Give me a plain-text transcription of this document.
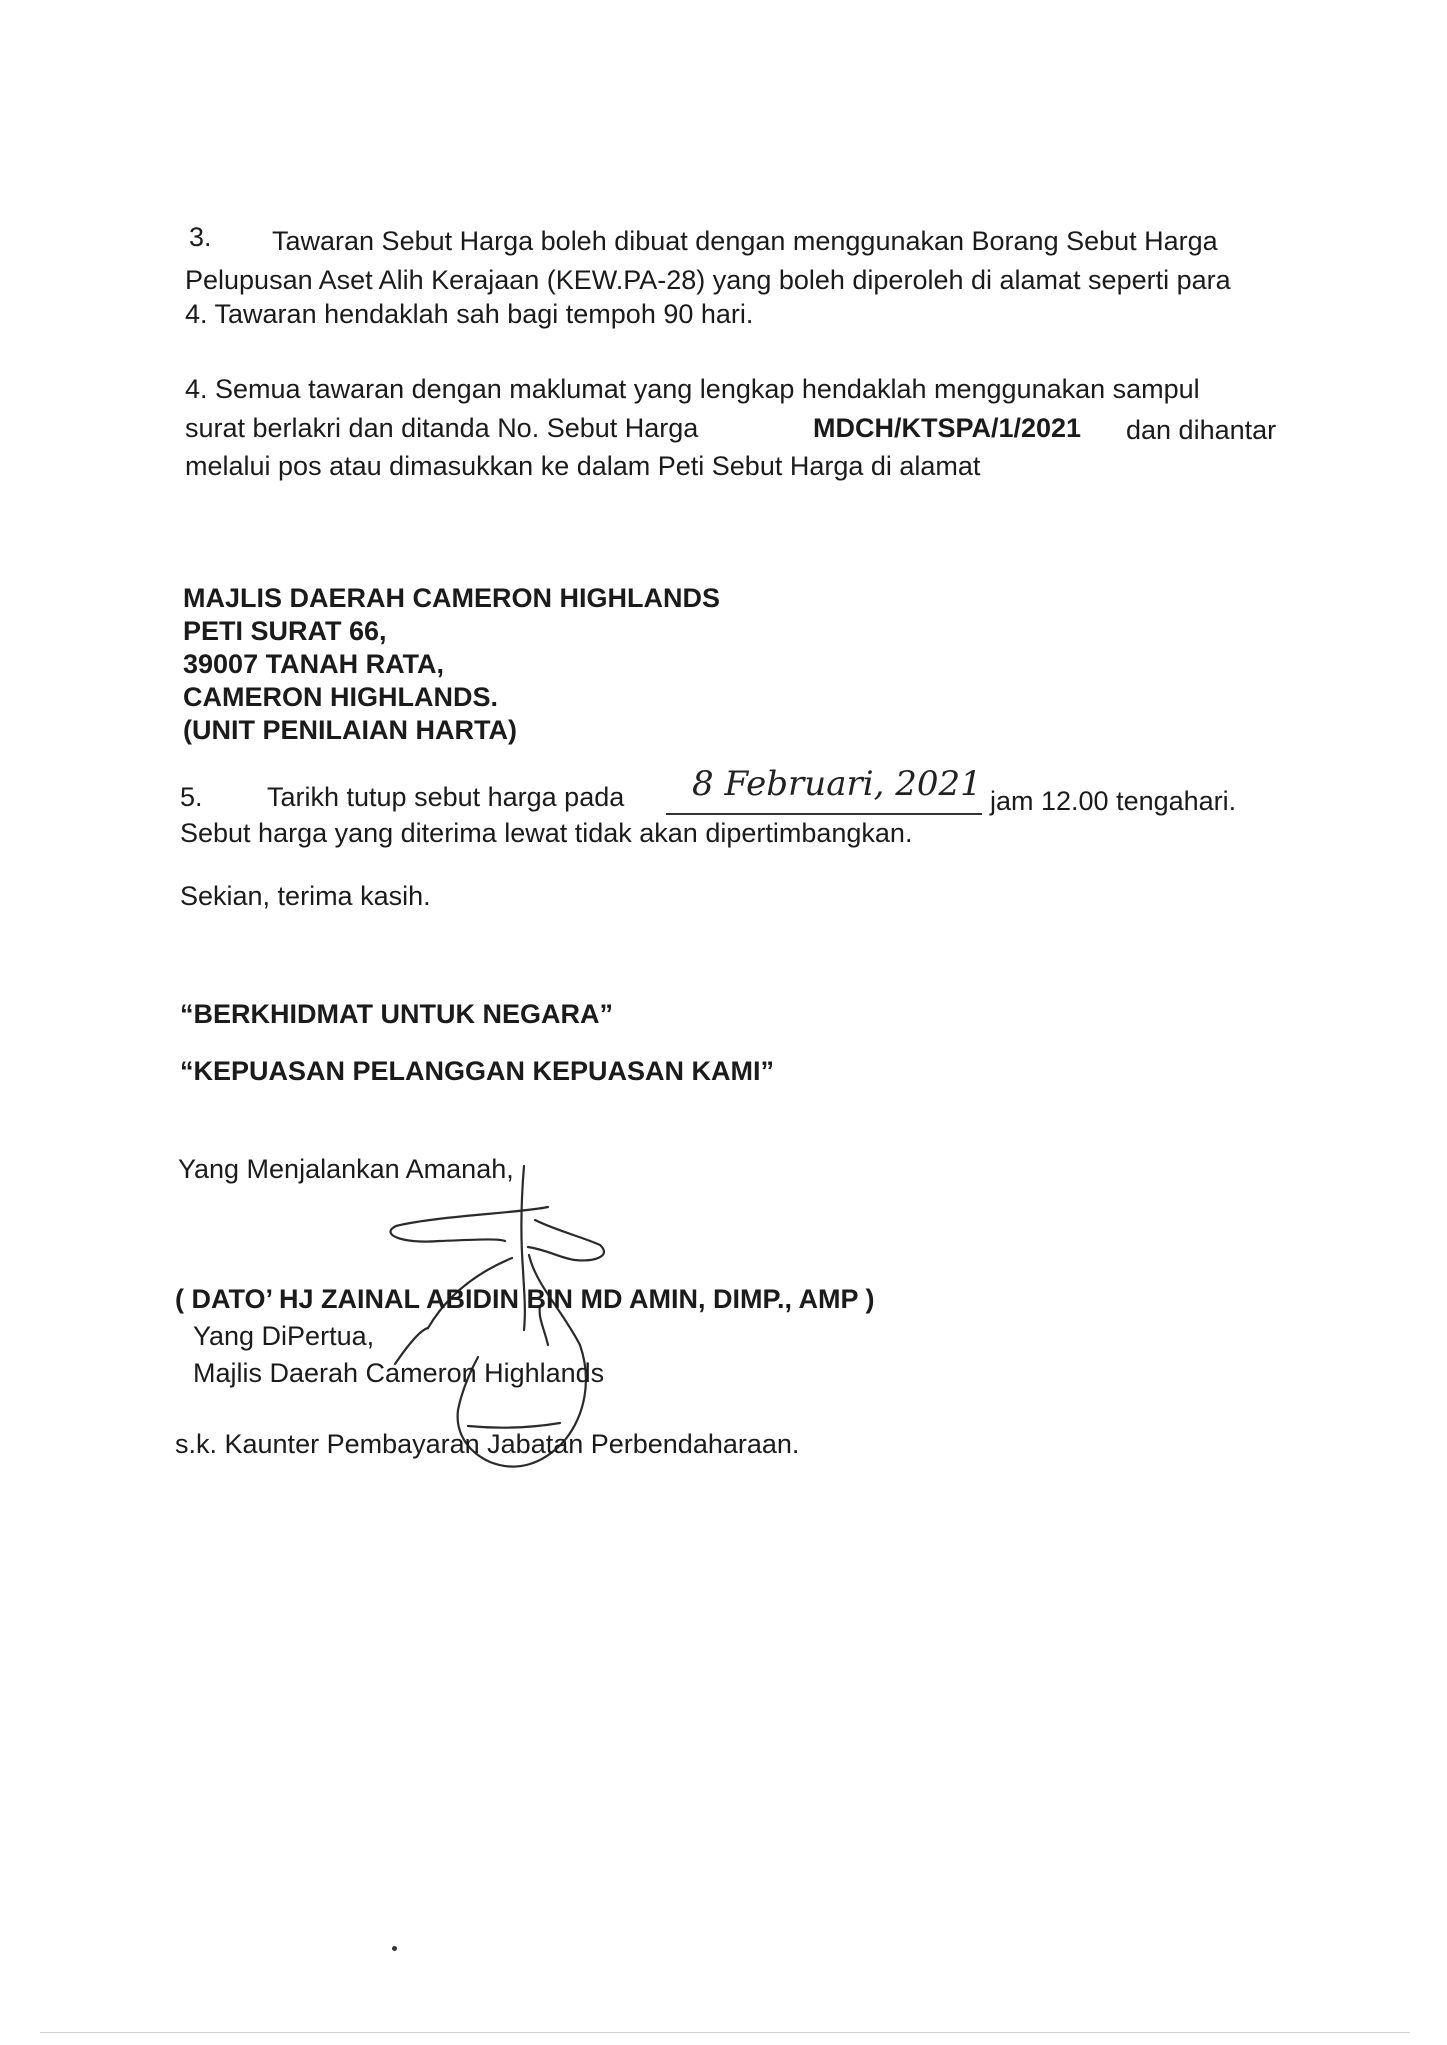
3. Tawaran Sebut Harga boleh dibuat dengan menggunakan Borang Sebut Harga
Pelupusan Aset Alih Kerajaan (KEW.PA-28) yang boleh diperoleh di alamat seperti para
4. Tawaran hendaklah sah bagi tempoh 90 hari.
4. Semua tawaran dengan maklumat yang lengkap hendaklah menggunakan sampul
surat berlakri dan ditanda No. Sebut Harga	MDCH/KTSPA/1/2021 dan dihantar
melalui pos atau dimasukkan ke dalam Peti Sebut Harga di alamat
MAJLIS DAERAH CAMERON HIGHLANDS
PETI SURAT 66,
39007 TANAH RATA,
CAMERON HIGHLANDS.
(UNIT PENILAIAN HARTA)
5. Tarikh tutup sebut harga pada 8 Februari, 2021 jam 12.00 tengahari.
Sebut harga yang diterima lewat tidak akan dipertimbangkan.
Sekian, terima kasih.
“BERKHIDMAT UNTUK NEGARA”
“KEPUASAN PELANGGAN KEPUASAN KAMI”
Yang Menjalankan Amanah,
( DATO’ HJ ZAINAL ABIDIN BIN MD AMIN, DIMP., AMP )
Yang DiPertua,
Majlis Daerah Cameron Highlands
s.k. Kaunter Pembayaran Jabatan Perbendaharaan.
